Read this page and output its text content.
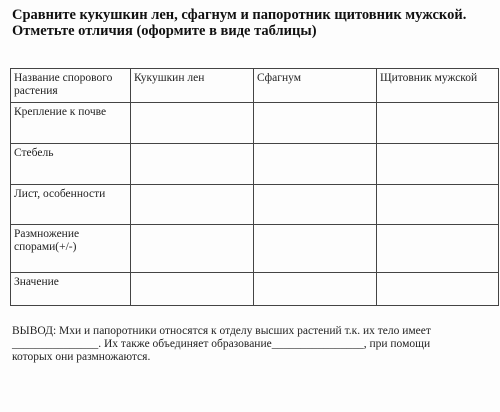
Сравните кукушкин лен, сфагнум и папоротник щитовник мужской.
Отметьте отличия (оформите в виде таблицы)
Название спорового растения	Кукушкин лен	Сфагнум	Щитовник мужской
Крепление к почве			
Стебель			
Лист, особенности			
Размножение спорами(+/-)			
Значение			

ВЫВОД: Мхи и папоротники относятся к отделу высших растений т.к. их тело имеет
_______________. Их также объединяет образование________________, при помощи
которых они размножаются.
